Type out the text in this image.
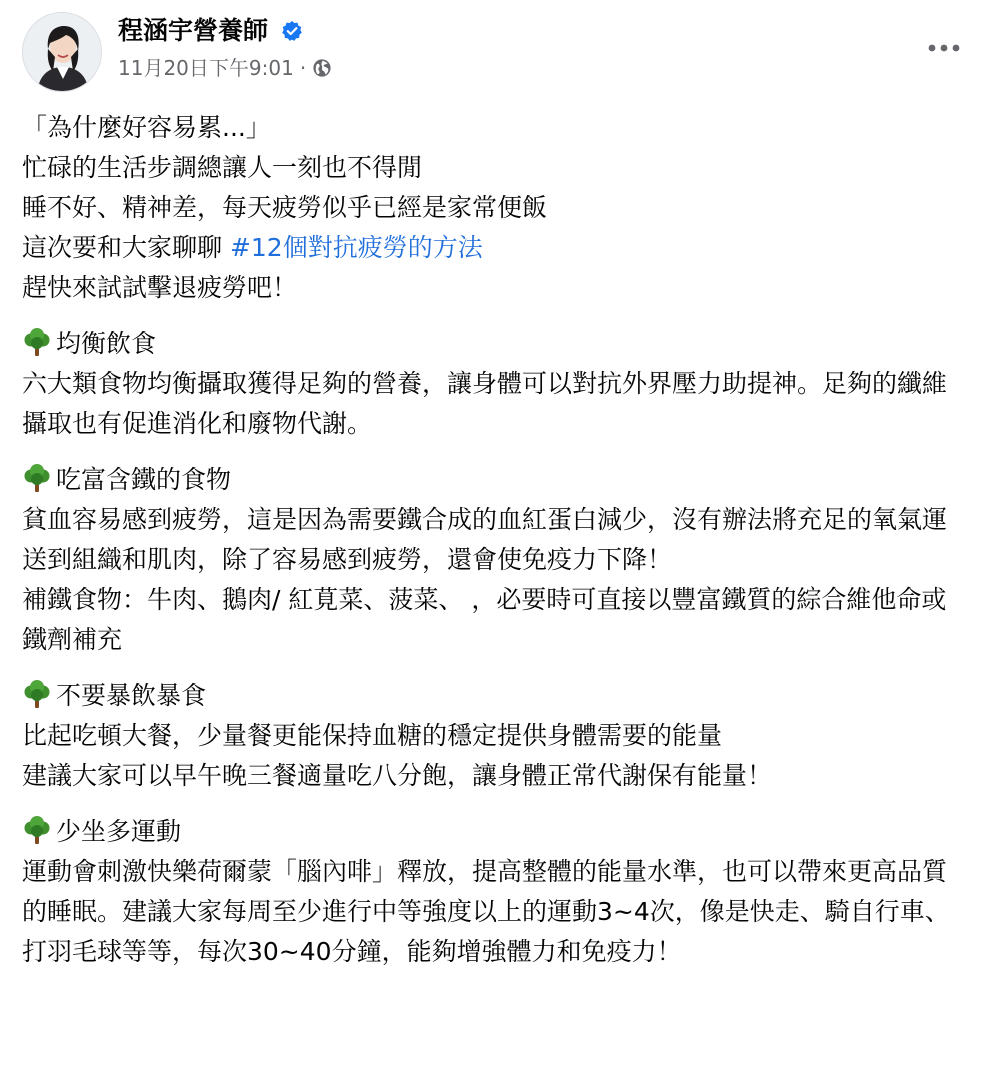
程涵宇營養師
11月20日下午9:01 ·
「為什麼好容易累...」
忙碌的生活步調總讓人一刻也不得閒
睡不好、精神差，每天疲勞似乎已經是家常便飯
這次要和大家聊聊 #12個對抗疲勞的方法
趕快來試試擊退疲勞吧！
均衡飲食
六大類食物均衡攝取獲得足夠的營養，讓身體可以對抗外界壓力助提神。足夠的纖維攝取也有促進消化和廢物代謝。
吃富含鐵的食物
貧血容易感到疲勞，這是因為需要鐵合成的血紅蛋白減少，沒有辦法將充足的氧氣運送到組織和肌肉，除了容易感到疲勞，還會使免疫力下降！
補鐵食物：牛肉、鵝肉/ 紅莧菜、菠菜、 ，必要時可直接以豐富鐵質的綜合維他命或鐵劑補充
不要暴飲暴食
比起吃頓大餐，少量餐更能保持血糖的穩定提供身體需要的能量
建議大家可以早午晚三餐適量吃八分飽，讓身體正常代謝保有能量！
少坐多運動
運動會刺激快樂荷爾蒙「腦內啡」釋放，提高整體的能量水準，也可以帶來更高品質的睡眠。建議大家每周至少進行中等強度以上的運動3~4次，像是快走、騎自行車、打羽毛球等等，每次30~40分鐘，能夠增強體力和免疫力！
